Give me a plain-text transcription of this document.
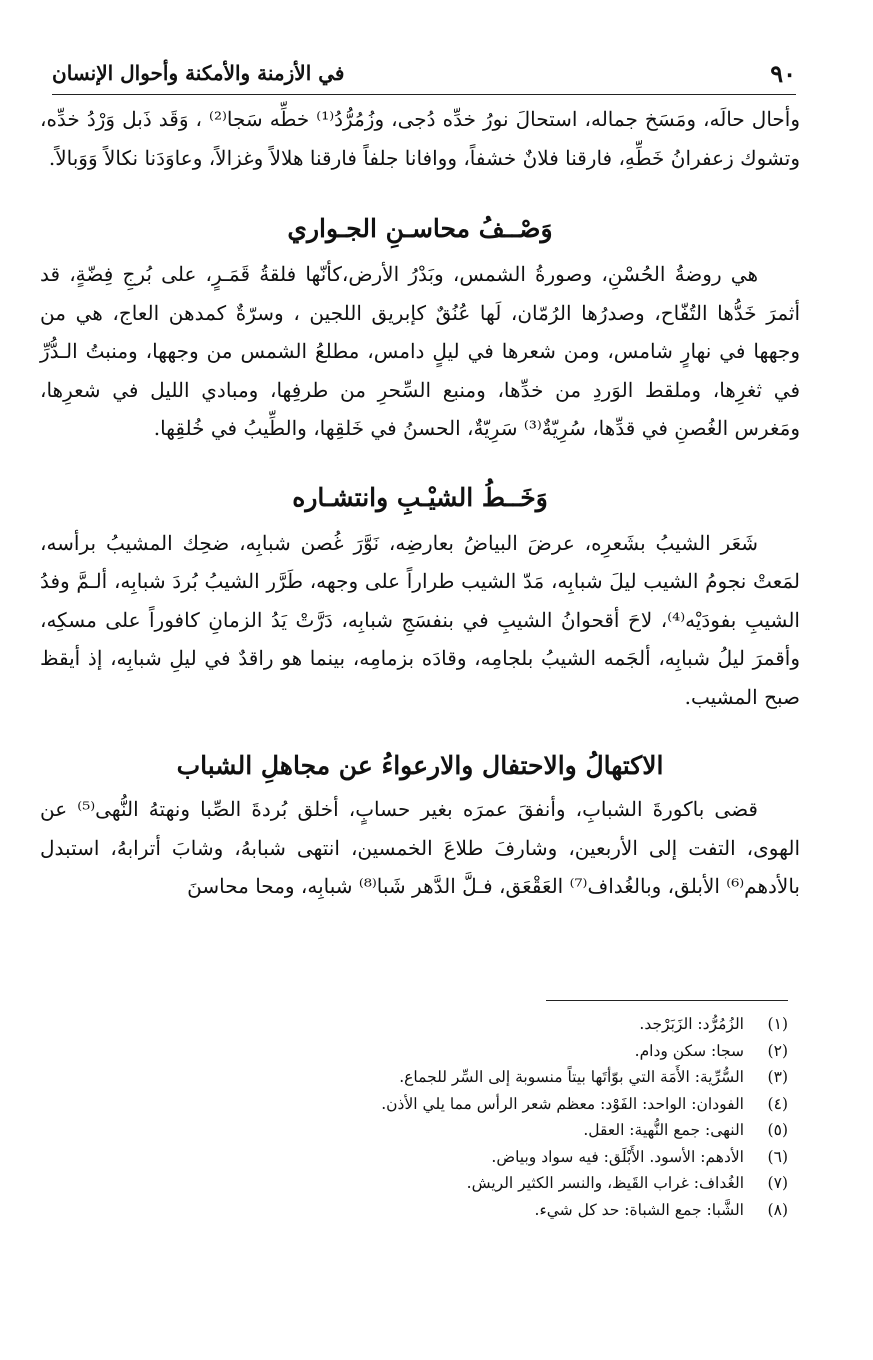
٩٠
في الأزمنة والأمكنة وأحوال الإنسان

وأحال حالَه، ومَسَخ جماله، استحالَ نورُ خدِّه دُجى، وزُمُرُّدُ⁽¹⁾ خطِّه سَجا⁽²⁾ ، وَقَد ذَبل وَرْدُ خدِّه، وتشوك زعفرانُ خَطِّهِ، فارقنا فلانٌ خشفاً، ووافانا جلفاً فارقنا هلالاً وغزالاً، وعاوَدَنا نكالاً وَوَبالاً.

وَصْــفُ محاسـنِ الجـواري

هي روضةُ الحُسْنِ، وصورةُ الشمس، وبَدْرُ الأرض،كأنّها فلقةُ قَمَـرٍ، على بُرجِ فِضّةٍ، قد أثمرَ خَدُّها التُفّاح، وصدرُها الرُمّان، لَها عُنُقٌ كإبريق اللجين ، وسرّةٌ كمدهن العاج، هي من وجهها في نهارٍ شامس، ومن شعرها في ليلٍ دامس، مطلعُ الشمس من وجهها، ومنبتُ الـدُّرِّ في ثغرِها، وملقط الوَردِ من خدِّها، ومنبع السِّحرِ من طرفِها، ومبادي الليل في شعرِها، ومَغرس الغُصنِ في قدِّها، سُرِيّةٌ⁽³⁾ سَرِيّةٌ، الحسنُ في خَلقِها، والطِّيبُ في خُلقِها.

وَخَــطُ الشيْـبِ وانتشـاره

شَعَر الشيبُ بشَعرِه، عرضَ البياضُ بعارضِه، نَوَّرَ غُصن شبابِه، ضحِك المشيبُ برأسه، لمَعتْ نجومُ الشيب ليلَ شبابِه، مَدّ الشيب طراراً على وجهه، طَرَّر الشيبُ بُردَ شبابِه، ألـمَّ وفدُ الشيبِ بفودَيْه⁽⁴⁾، لاحَ أقحوانُ الشيبِ في بنفسَجِ شبابِه، دَرَّتْ يَدُ الزمانِ كافوراً على مسكِه، وأقمرَ ليلُ شبابِه، ألجَمه الشيبُ بلجامِه، وقادَه بزمامِه، بينما هو راقدٌ في ليلِ شبابِه، إذ أيقظ صبح المشيب.

الاكتهالُ والاحتفال والارعواءُ عن مجاهلِ الشباب

قضى باكورةَ الشبابِ، وأنفقَ عمرَه بغير حسابٍ، أخلق بُردةَ الصِّبا ونهتهُ النُّهى⁽⁵⁾ عن الهوى، التفت إلى الأربعين، وشارفَ طلاعَ الخمسين، انتهى شبابهُ، وشابَ أترابهُ، استبدل بالأدهم⁽⁶⁾ الأبلق، وبالغُداف⁽⁷⁾ العَقْعَق، فـلَّ الدَّهر شَبا⁽⁸⁾ شبابِه، ومحا محاسنَ

(١)
الزُمُرُّد: الزَبَرْجد.
(٢)
سجا: سكن ودام.
(٣)
السُّرِّية: الأَمَة التي بوّأتَها بيتاً منسوبة إلى السِّر للجماع.
(٤)
الفودان: الواحد: الفَوْد: معظم شعر الرأس مما يلي الأذن.
(٥)
النهى: جمع النُّهية: العقل.
(٦)
الأدهم: الأسود. الأَبْلَق: فيه سواد وبياض.
(٧)
الغُداف: غراب القَيظ، والنسر الكثير الريش.
(٨)
الشَّبا: جمع الشباة: حد كل شيء.
